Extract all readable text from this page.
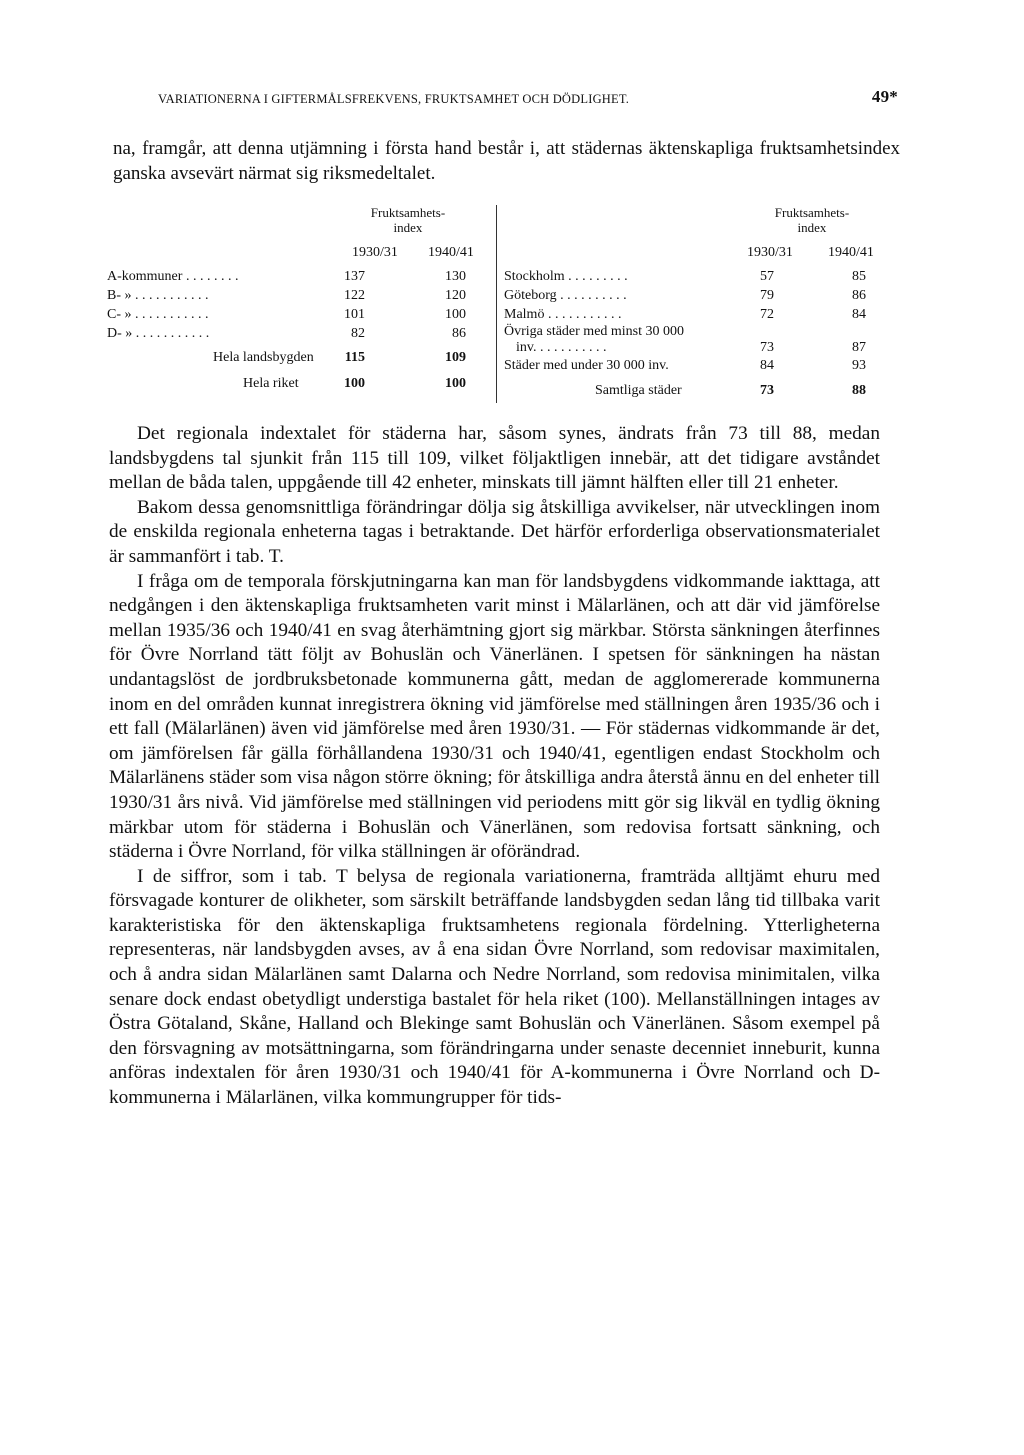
VARIATIONERNA I GIFTERMÅLSFREKVENS, FRUKTSAMHET OCH DÖDLIGHET.	49*

na, framgår, att denna utjämning i första hand består i, att städernas äktenskapliga fruktsamhetsindex ganska avsevärt närmat sig riksmedeltalet.

Fruktsamhets-
index
1930/31 1940/41
A-kommuner . . . . . . . .	137	130
B- » . . . . . . . . . . .	122	120
C- » . . . . . . . . . . .	101	100
D- » . . . . . . . . . . .	82	86
Hela landsbygden	115	109
Hela riket	100	100
Fruktsamhets-
index
1930/31	1940/41
Stockholm . . . . . . . . .	57	85
Göteborg . . . . . . . . . .	79	86
Malmö . . . . . . . . . . .	72	84
Övriga städer med minst 30 000
inv. . . . . . . . . . .	73	87
Städer med under 30 000 inv.	84	93
Samtliga städer	73	88

Det regionala indextalet för städerna har, såsom synes, ändrats från 73 till 88, medan landsbygdens tal sjunkit från 115 till 109, vilket följaktligen innebär, att det tidigare avståndet mellan de båda talen, uppgående till 42 enheter, minskats till jämnt hälften eller till 21 enheter.

Bakom dessa genomsnittliga förändringar dölja sig åtskilliga avvikelser, när utvecklingen inom de enskilda regionala enheterna tagas i betraktande. Det härför erforderliga observationsmaterialet är sammanfört i tab. T.

I fråga om de temporala förskjutningarna kan man för landsbygdens vidkommande iakttaga, att nedgången i den äktenskapliga fruktsamheten varit minst i Mälarlänen, och att där vid jämförelse mellan 1935/36 och 1940/41 en svag återhämtning gjort sig märkbar. Största sänkningen återfinnes för Övre Norrland tätt följt av Bohuslän och Vänerlänen. I spetsen för sänkningen ha nästan undantagslöst de jordbruksbetonade kommunerna gått, medan de agglomererade kommunerna inom en del områden kunnat inregistrera ökning vid jämförelse med ställningen åren 1935/36 och i ett fall (Mälarlänen) även vid jämförelse med åren 1930/31. — För städernas vidkommande är det, om jämförelsen får gälla förhållandena 1930/31 och 1940/41, egentligen endast Stockholm och Mälarlänens städer som visa någon större ökning; för åtskilliga andra återstå ännu en del enheter till 1930/31 års nivå. Vid jämförelse med ställningen vid periodens mitt gör sig likväl en tydlig ökning märkbar utom för städerna i Bohuslän och Vänerlänen, som redovisa fortsatt sänkning, och städerna i Övre Norrland, för vilka ställningen är oförändrad.

I de siffror, som i tab. T belysa de regionala variationerna, framträda alltjämt ehuru med försvagade konturer de olikheter, som särskilt beträffande landsbygden sedan lång tid tillbaka varit karakteristiska för den äktenskapliga fruktsamhetens regionala fördelning. Ytterligheterna representeras, när landsbygden avses, av å ena sidan Övre Norrland, som redovisar maximitalen, och å andra sidan Mälarlänen samt Dalarna och Nedre Norrland, som redovisa minimitalen, vilka senare dock endast obetydligt understiga bastalet för hela riket (100). Mellanställningen intages av Östra Götaland, Skåne, Halland och Blekinge samt Bohuslän och Vänerlänen. Såsom exempel på den försvagning av motsättningarna, som förändringarna under senaste decenniet inneburit, kunna anföras indextalen för åren 1930/31 och 1940/41 för A-kommunerna i Övre Norrland och D-kommunerna i Mälarlänen, vilka kommungrupper för tids-
